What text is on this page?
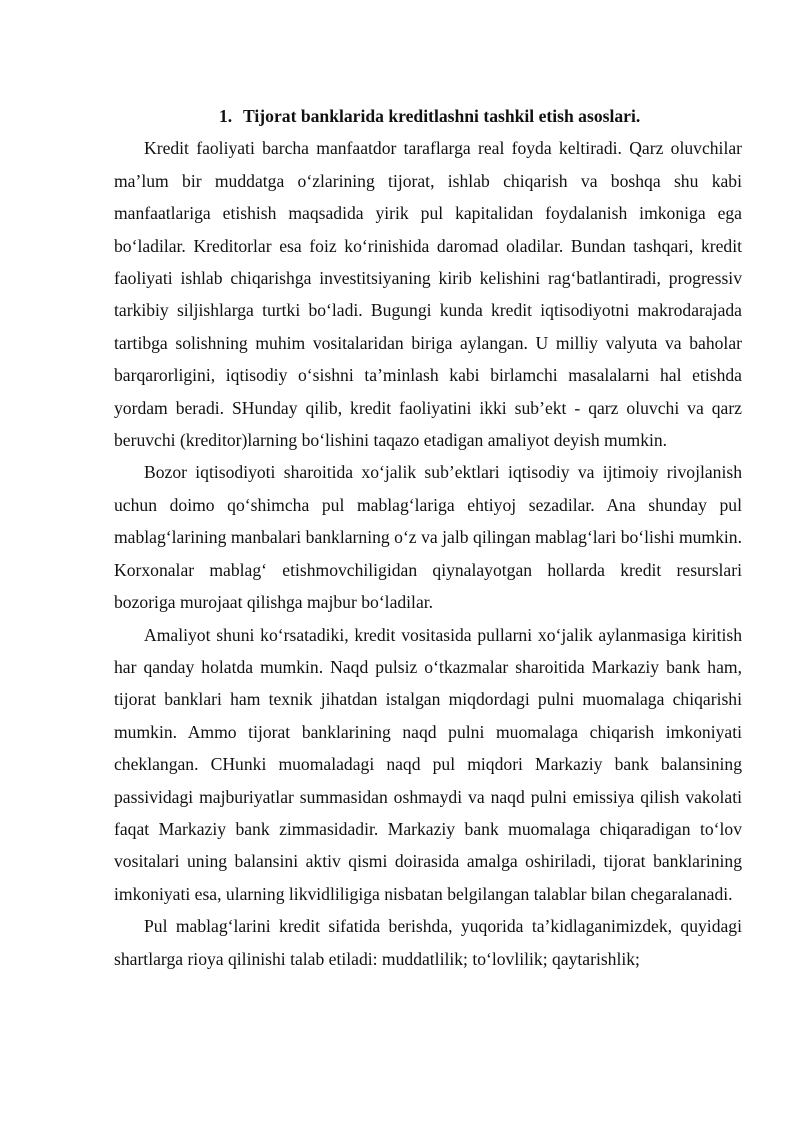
1. Tijorat banklarida kreditlashni tashkil etish asoslari.

Kredit faoliyati barcha manfaatdor taraflarga real foyda keltiradi. Qarz oluvchilar ma’lum bir muddatga o‘zlarining tijorat, ishlab chiqarish va boshqa shu kabi manfaatlariga etishish maqsadida yirik pul kapitalidan foydalanish imkoniga ega bo‘ladilar. Kreditorlar esa foiz ko‘rinishida daromad oladilar. Bundan tashqari, kredit faoliyati ishlab chiqarishga investitsiyaning kirib kelishini rag‘batlantiradi, progressiv tarkibiy siljishlarga turtki bo‘ladi. Bugungi kunda kredit iqtisodiyotni makrodarajada tartibga solishning muhim vositalaridan biriga aylangan. U milliy valyuta va baholar barqarorligini, iqtisodiy o‘sishni ta’minlash kabi birlamchi masalalarni hal etishda yordam beradi. SHunday qilib, kredit faoliyatini ikki sub’ekt - qarz oluvchi va qarz beruvchi (kreditor)larning bo‘lishini taqazo etadigan amaliyot deyish mumkin.

Bozor iqtisodiyoti sharoitida xo‘jalik sub’ektlari iqtisodiy va ijtimoiy rivojlanish uchun doimo qo‘shimcha pul mablag‘lariga ehtiyoj sezadilar. Ana shunday pul mablag‘larining manbalari banklarning o‘z va jalb qilingan mablag‘lari bo‘lishi mumkin. Korxonalar mablag‘ etishmovchiligidan qiynalayotgan hollarda kredit resurslari bozoriga murojaat qilishga majbur bo‘ladilar.

Amaliyot shuni ko‘rsatadiki, kredit vositasida pullarni xo‘jalik aylanmasiga kiritish har qanday holatda mumkin. Naqd pulsiz o‘tkazmalar sharoitida Markaziy bank ham, tijorat banklari ham texnik jihatdan istalgan miqdordagi pulni muomalaga chiqarishi mumkin. Ammo tijorat banklarining naqd pulni muomalaga chiqarish imkoniyati cheklangan. CHunki muomaladagi naqd pul miqdori Markaziy bank balansining passividagi majburiyatlar summasidan oshmaydi va naqd pulni emissiya qilish vakolati faqat Markaziy bank zimmasidadir. Markaziy bank muomalaga chiqaradigan to‘lov vositalari uning balansini aktiv qismi doirasida amalga oshiriladi, tijorat banklarining imkoniyati esa, ularning likvidliligiga nisbatan belgilangan talablar bilan chegaralanadi.

Pul mablag‘larini kredit sifatida berishda, yuqorida ta’kidlaganimizdek, quyidagi shartlarga rioya qilinishi talab etiladi: muddatlilik; to‘lovlilik; qaytarishlik;
